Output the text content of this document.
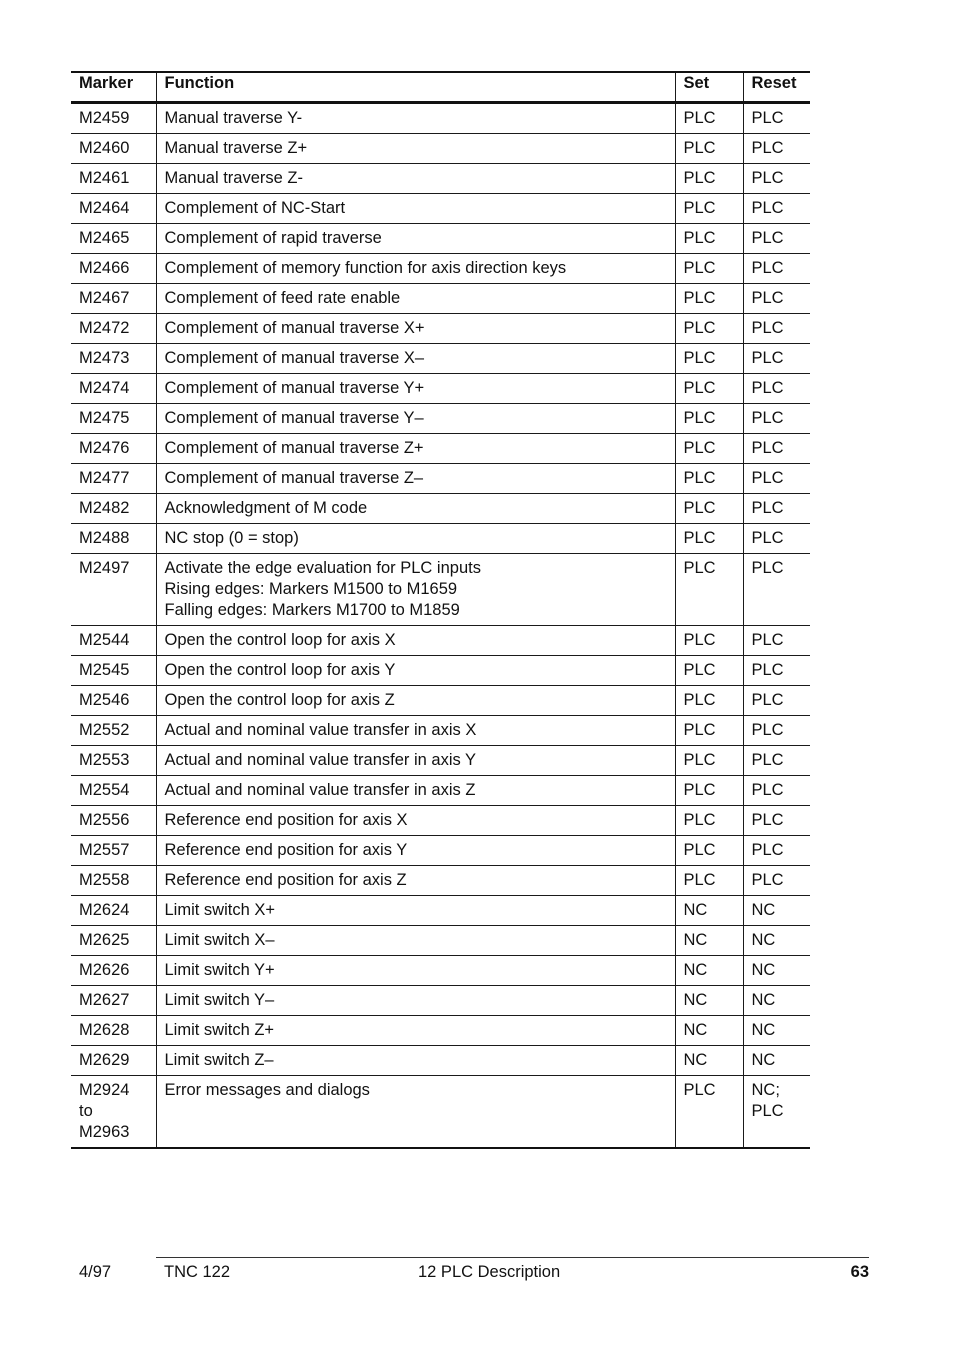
Marker	Function	Set	Reset

M2459	Manual traverse Y-	PLC	PLC

M2460	Manual traverse Z+	PLC	PLC

M2461	Manual traverse Z-	PLC	PLC

M2464	Complement of NC-Start	PLC	PLC

M2465	Complement of rapid traverse	PLC	PLC

M2466	Complement of memory function for axis direction keys	PLC	PLC

M2467	Complement of feed rate enable	PLC	PLC

M2472	Complement of manual traverse X+	PLC	PLC

M2473	Complement of manual traverse X–	PLC	PLC

M2474	Complement of manual traverse Y+	PLC	PLC

M2475	Complement of manual traverse Y–	PLC	PLC

M2476	Complement of manual traverse Z+	PLC	PLC

M2477	Complement of manual traverse Z–	PLC	PLC

M2482	Acknowledgment of M code	PLC	PLC

M2488	NC stop (0 = stop)	PLC	PLC

M2497	Activate the edge evaluation for PLC inputs
Rising edges: Markers M1500 to M1659
Falling edges: Markers M1700 to M1859	PLC	PLC

M2544	Open the control loop for axis X	PLC	PLC

M2545	Open the control loop for axis Y	PLC	PLC

M2546	Open the control loop for axis Z	PLC	PLC

M2552	Actual and nominal value transfer in axis X	PLC	PLC

M2553	Actual and nominal value transfer in axis Y	PLC	PLC

M2554	Actual and nominal value transfer in axis Z	PLC	PLC

M2556	Reference end position for axis X	PLC	PLC

M2557	Reference end position for axis Y	PLC	PLC

M2558	Reference end position for axis Z	PLC	PLC

M2624	Limit switch X+	NC	NC

M2625	Limit switch X–	NC	NC

M2626	Limit switch Y+	NC	NC

M2627	Limit switch Y–	NC	NC

M2628	Limit switch Z+	NC	NC

M2629	Limit switch Z–	NC	NC

M2924
to
M2963	Error messages and dialogs	PLC	NC;
PLC
4/97	TNC 122	12 PLC Description	63
